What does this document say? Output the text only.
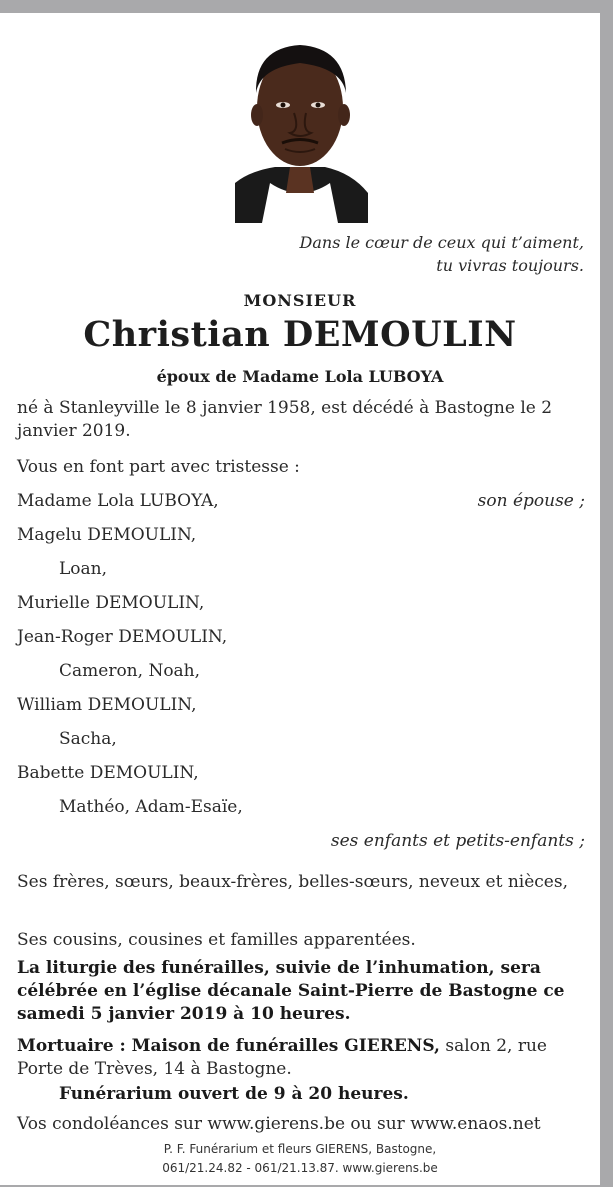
Dans le cœur de ceux qui t’aiment,
tu vivras toujours.
MONSIEUR
Christian DEMOULIN
époux de Madame Lola LUBOYA

né à Stanleyville le 8 janvier 1958, est décédé à Bastogne le 2 janvier 2019.

Vous en font part avec tristesse :

Madame Lola LUBOYA,	son épouse ;
Magelu DEMOULIN,
Loan,
Murielle DEMOULIN,
Jean-Roger DEMOULIN,
Cameron, Noah,
William DEMOULIN,
Sacha,
Babette DEMOULIN,
Mathéo, Adam-Esaïe,
ses enfants et petits-enfants ;

Ses frères, sœurs, beaux-frères, belles-sœurs, neveux et nièces,

Ses cousins, cousines et familles apparentées.

La liturgie des funérailles, suivie de l’inhumation, sera célébrée en l’église décanale Saint-Pierre de Bastogne ce samedi 5 janvier 2019 à 10 heures.

Mortuaire : Maison de funérailles GIERENS, salon 2, rue Porte de Trèves, 14 à Bastogne.

Funérarium ouvert de 9 à 20 heures.

Vos condoléances sur www.gierens.be ou sur www.enaos.net

P. F. Funérarium et fleurs GIERENS, Bastogne,
061/21.24.82 - 061/21.13.87. www.gierens.be
